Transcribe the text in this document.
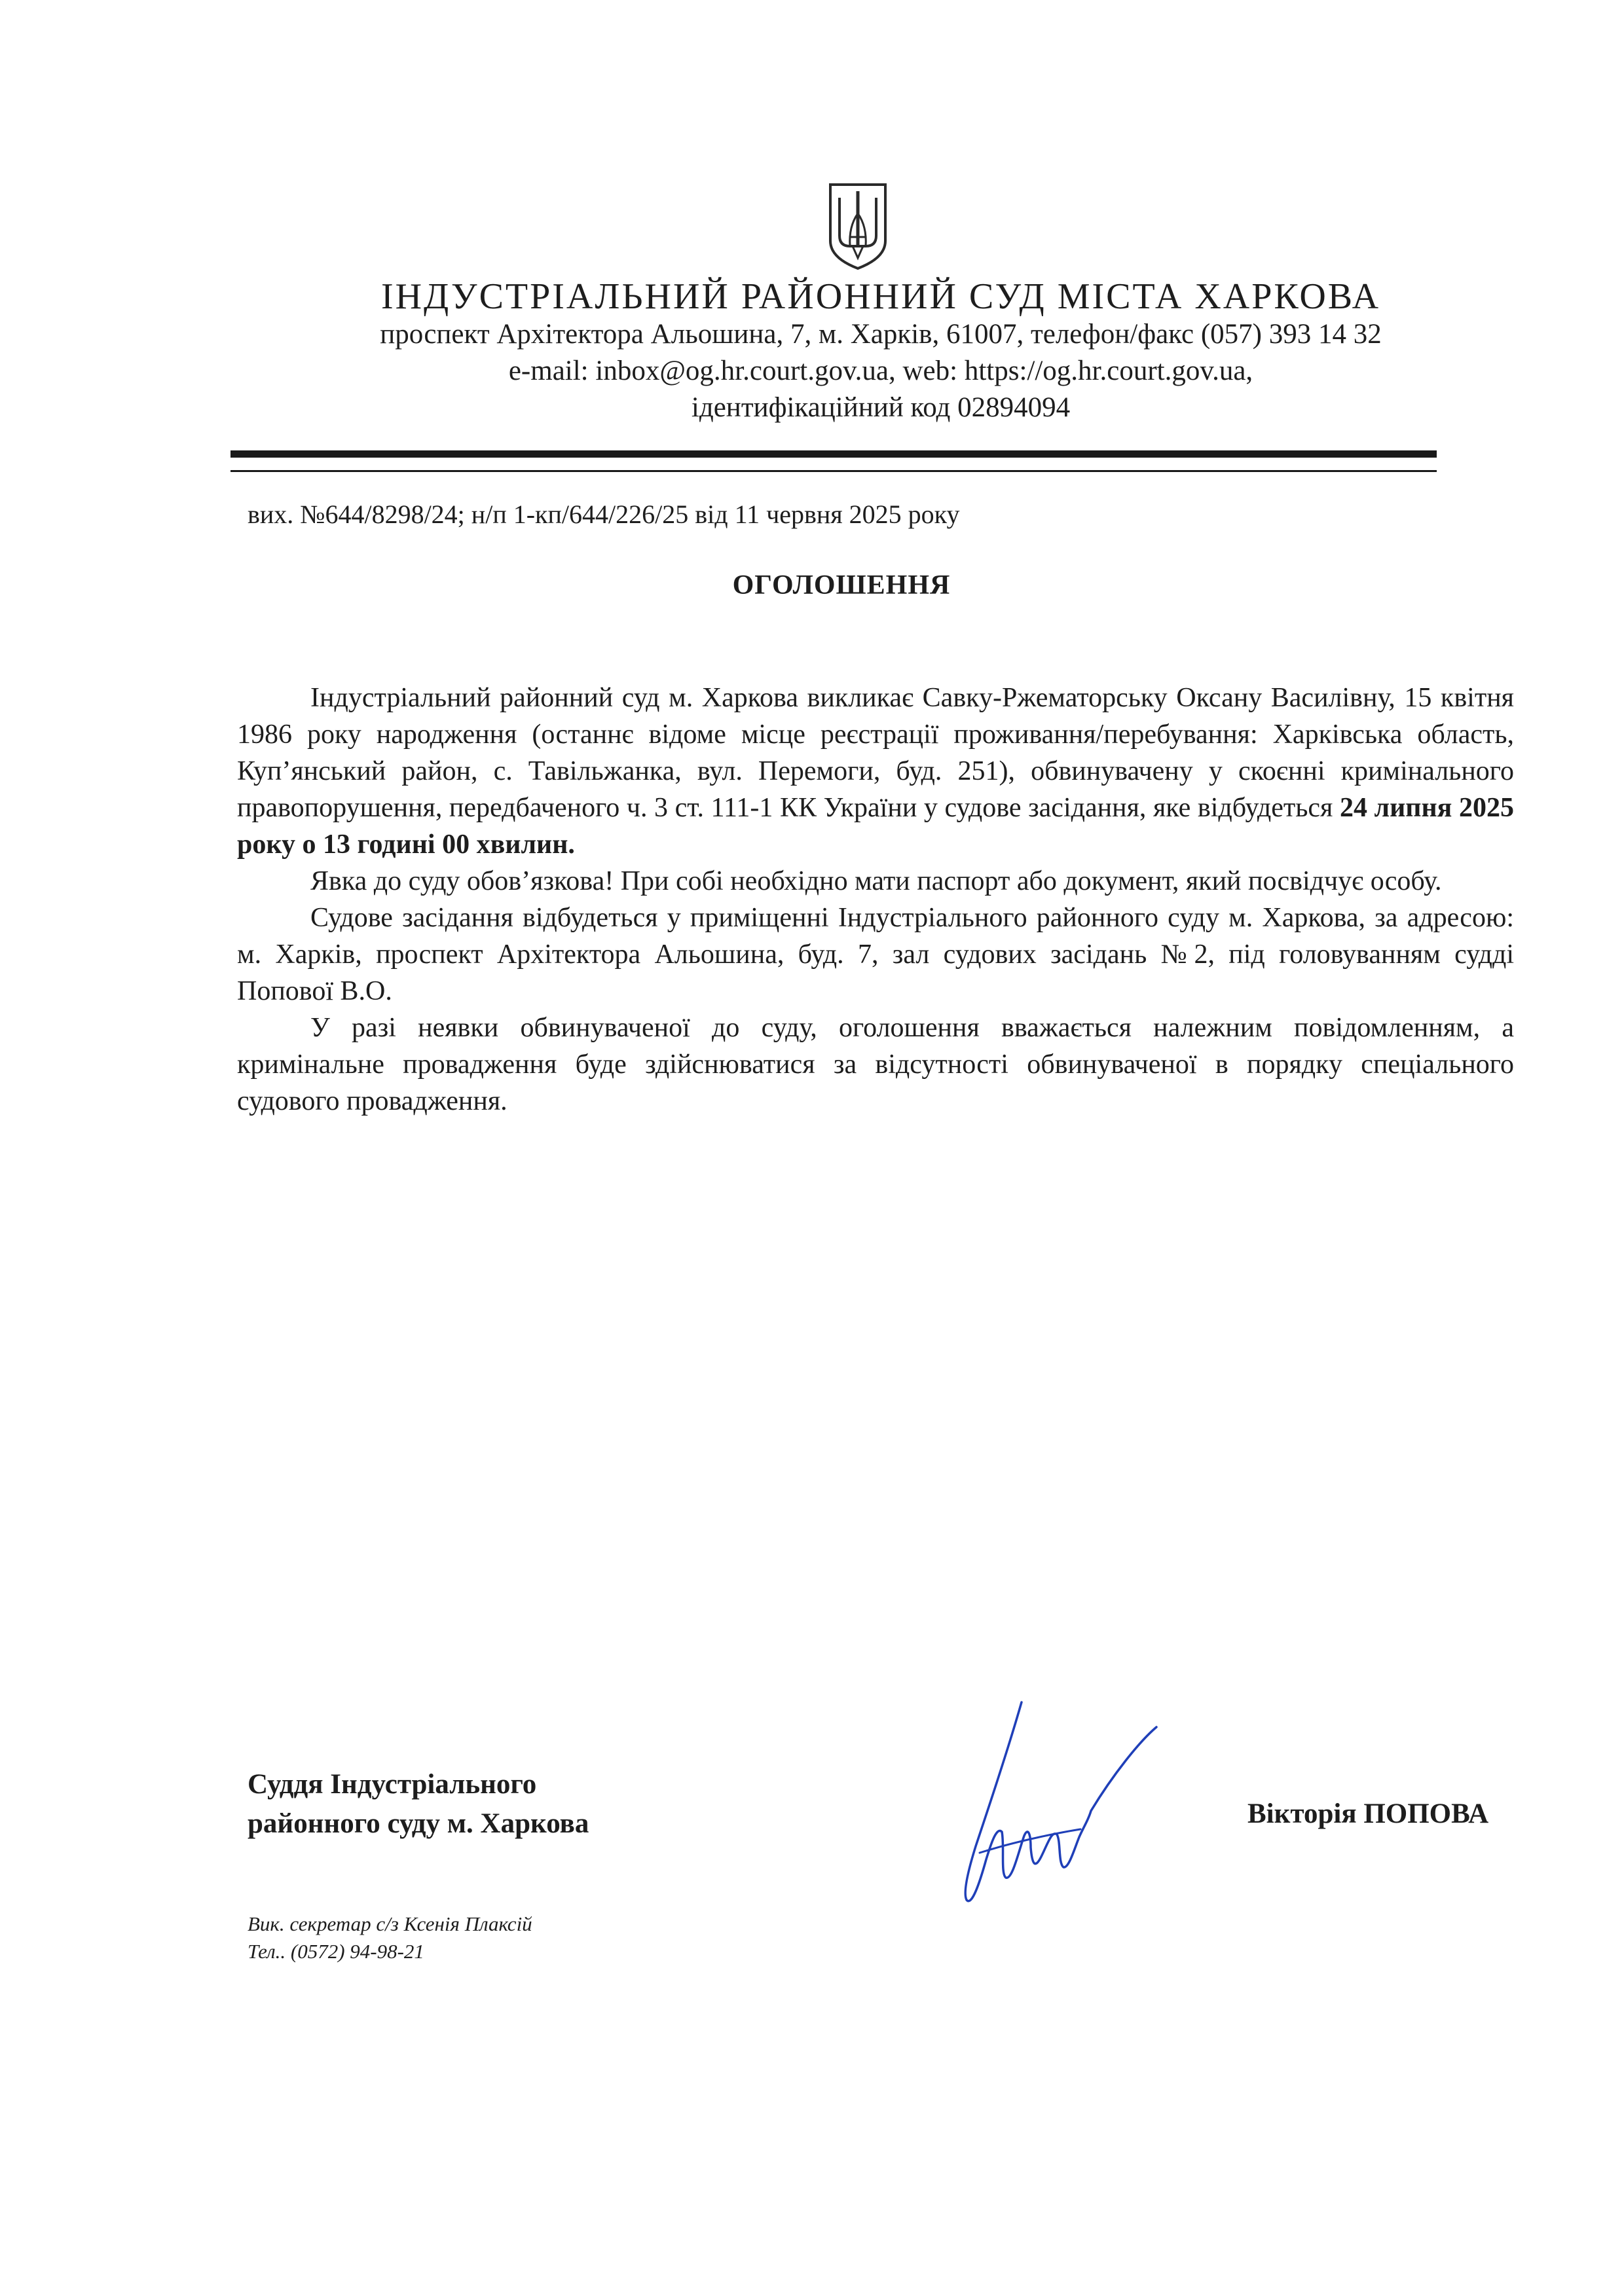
ІНДУСТРІАЛЬНИЙ РАЙОННИЙ СУД МІСТА ХАРКОВА
проспект Архітектора Альошина, 7, м. Харків, 61007, телефон/факс (057) 393 14 32
e-mail: inbox@og.hr.court.gov.ua, web: https://og.hr.court.gov.ua,
ідентифікаційний код 02894094
вих. №644/8298/24; н/п 1-кп/644/226/25 від 11 червня 2025 року
ОГОЛОШЕННЯ

Індустріальний районний суд м. Харкова викликає Савку-Ржематорську Оксану Василівну, 15 квітня 1986 року народження (останнє відоме місце реєстрації проживання/перебування: Харківська область, Куп’янський район, с. Тавільжанка, вул. Перемоги, буд. 251), обвинувачену у скоєнні кримінального правопорушення, передбаченого ч. 3 ст. 111-1 КК України у судове засідання, яке відбудеться 24 липня 2025 року о 13 годині 00 хвилин.

Явка до суду обов’язкова! При собі необхідно мати паспорт або документ, який посвідчує особу.

Судове засідання відбудеться у приміщенні Індустріального районного суду м. Харкова, за адресою: м. Харків, проспект Архітектора Альошина, буд. 7, зал судових засідань №2, під головуванням судді Попової В.О.

У разі неявки обвинуваченої до суду, оголошення вважається належним повідомленням, а кримінальне провадження буде здійснюватися за відсутності обвинуваченої в порядку спеціального судового провадження.

Суддя Індустріального
районного суду м. Харкова	Вікторія ПОПОВА
Вик. секретар с/з Ксенія Плаксій
Тел.. (0572) 94-98-21
